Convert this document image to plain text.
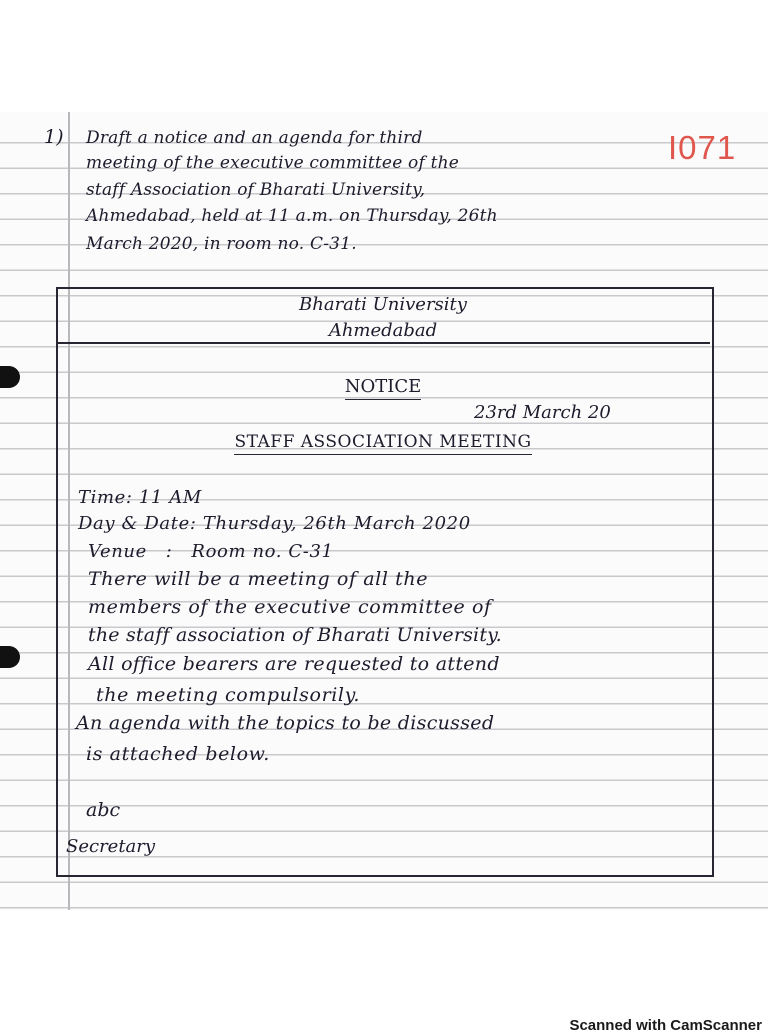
1) Draft a notice and an agenda for third
meeting of the executive committee of the
staff Association of Bharati University,
Ahmedabad, held at 11 a.m. on Thursday, 26th
March 2020, in room no. C-31.
I071
Bharati University
Ahmedabad
NOTICE
23rd March 20
STAFF ASSOCIATION MEETING
Time: 11 AM
Day & Date: Thursday, 26th March 2020
Venue   :   Room no. C-31
There will be a meeting of all the
members of the executive committee of
the staff association of Bharati University.
All office bearers are requested to attend
the meeting compulsorily.
An agenda with the topics to be discussed
is attached below.
abc
Secretary
Scanned with CamScanner
